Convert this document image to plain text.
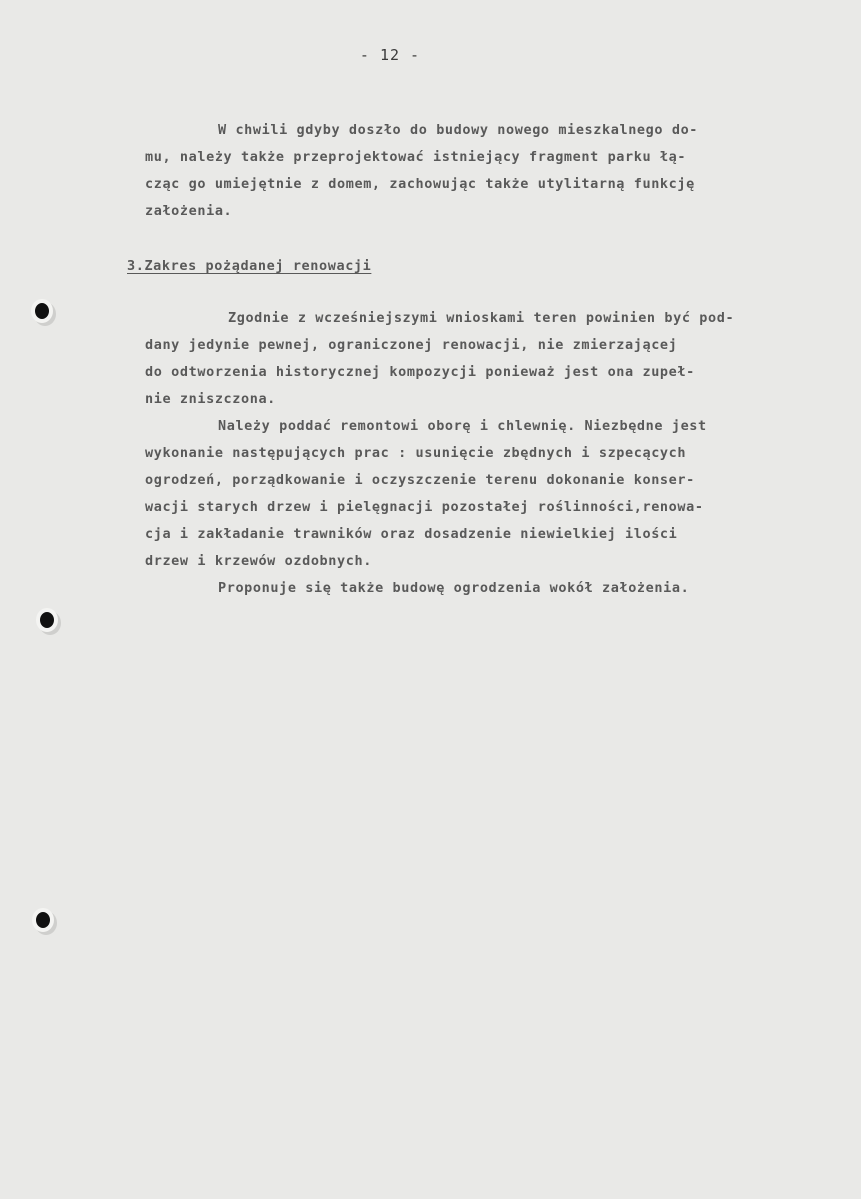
- 12 -
W chwili gdyby doszło do budowy nowego mieszkalnego do-
mu, należy także przeprojektować istniejący fragment parku łą-
cząc go umiejętnie z domem, zachowując także utylitarną funkcję
założenia.
3.Zakres pożądanej renowacji
Zgodnie z wcześniejszymi wnioskami teren powinien być pod-
dany jedynie pewnej, ograniczonej renowacji, nie zmierzającej
do odtworzenia historycznej kompozycji ponieważ jest ona zupeł-
nie zniszczona.
Należy poddać remontowi oborę i chlewnię. Niezbędne jest
wykonanie następujących prac : usunięcie zbędnych i szpecących
ogrodzeń, porządkowanie i oczyszczenie terenu dokonanie konser-
wacji starych drzew i pielęgnacji pozostałej roślinności,renowa-
cja i zakładanie trawników oraz dosadzenie niewielkiej ilości
drzew i krzewów ozdobnych.
Proponuje się także budowę ogrodzenia wokół założenia.
